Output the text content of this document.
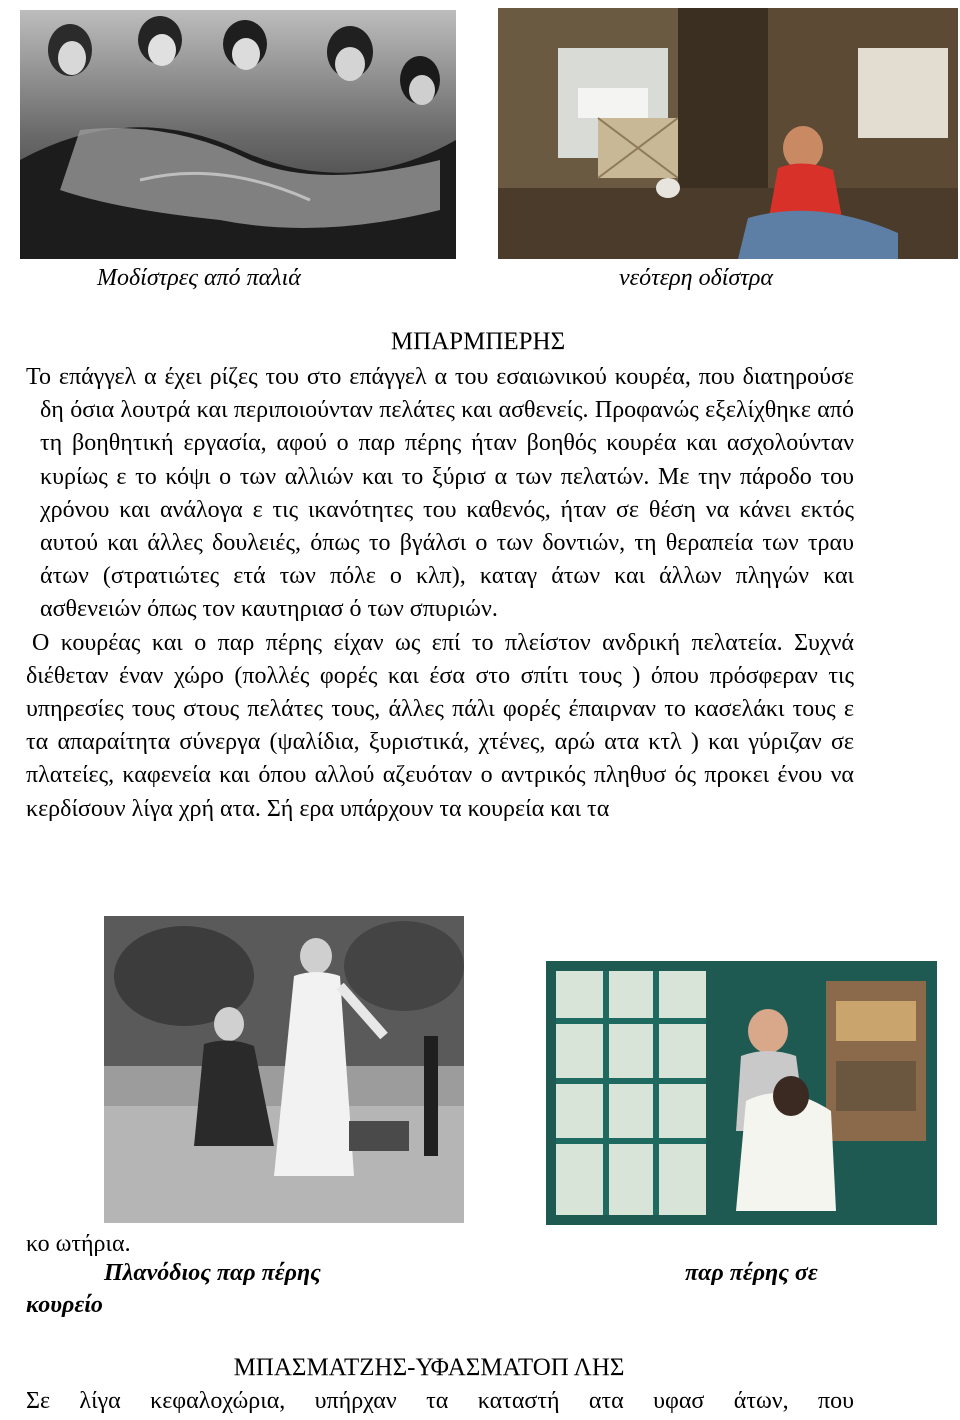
Μοδίστρες από παλιά	νεότερη οδίστρα
ΜΠΑΡΜΠΕΡΗΣ

Το επάγγελ α έχει ρίζες του στο επάγγελ α του εσαιωνικού κουρέα, που διατηρούσε δη όσια λουτρά και περιποιούνταν πελάτες και ασθενείς. Προφανώς εξελίχθηκε από τη βοηθητική εργασία, αφού ο παρ πέρης ήταν βοηθός κουρέα και ασχολούνταν κυρίως ε το κόψι ο των αλλιών και το ξύρισ α των πελατών. Με την πάροδο του χρόνου και ανάλογα ε τις ικανότητες του καθενός, ήταν σε θέση να κάνει εκτός αυτού και άλλες δουλειές, όπως το βγάλσι ο των δοντιών, τη θεραπεία των τραυ άτων (στρατιώτες ετά των πόλε ο κλπ), καταγ άτων και άλλων πληγών και ασθενειών όπως τον καυτηριασ ό των σπυριών.

Ο κουρέας και ο παρ πέρης είχαν ως επί το πλείστον ανδρική πελατεία. Συχνά διέθεταν έναν χώρο (πολλές φορές και έσα στο σπίτι τους ) όπου πρόσφεραν τις υπηρεσίες τους στους πελάτες τους, άλλες πάλι φορές έπαιρναν το κασελάκι τους ε τα απαραίτητα σύνεργα (ψαλίδια, ξυριστικά, χτένες, αρώ ατα κτλ ) και γύριζαν σε πλατείες, καφενεία και όπου αλλού αζευόταν ο αντρικός πληθυσ ός προκει ένου να κερδίσουν λίγα χρή ατα. Σή ερα υπάρχουν τα κουρεία και τα

κο ωτήρια.

Πλανόδιος παρ πέρης	παρ πέρης σε
κουρείο
ΜΠΑΣΜΑΤΖΗΣ-ΥΦΑΣΜΑΤΟΠ ΛΗΣ

Σε λίγα κεφαλοχώρια, υπήρχαν τα καταστή ατα υφασ άτων, που
